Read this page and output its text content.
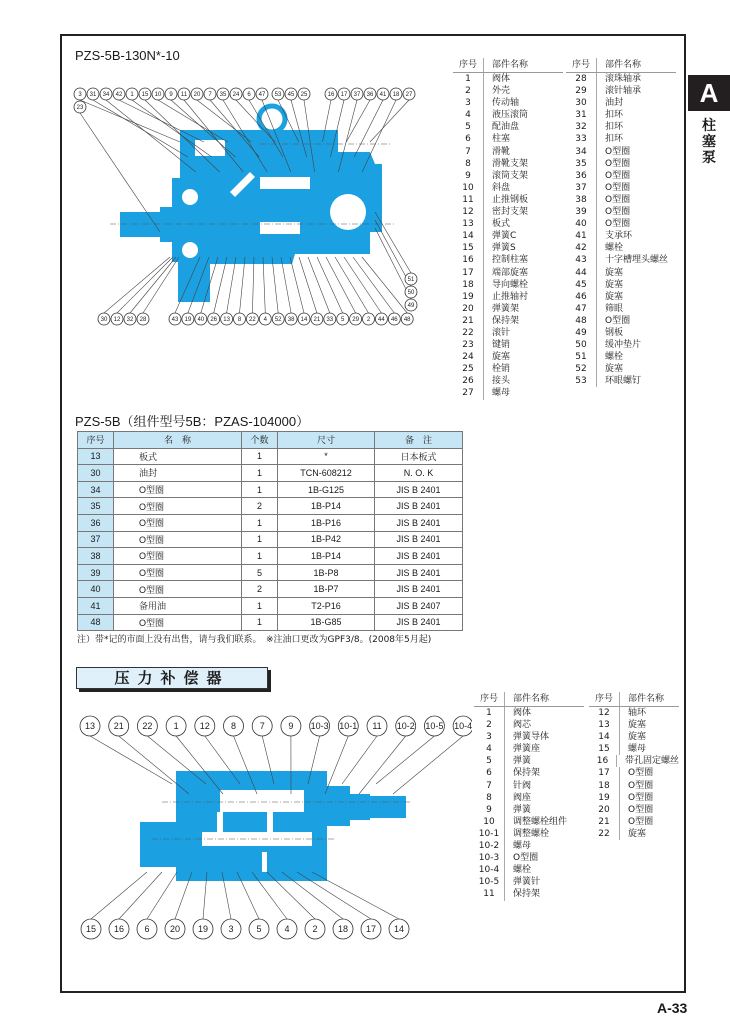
A
柱
塞
泵
PZS-5B-130N*-10
3 31 34 42 1 15 10 9 11 20 7 35 24 6 47 53 45 25	16 17 37 36 41 18 27
23
51
50
49
30 12 32 28	43 19 40 26 13 8 22 4 52 38 14 21 33 5 29 2 44 46 48
序号	部件名称
1	阀体
2	外壳
3	传动轴
4	液压滚筒
5	配油盘
6	柱塞
7	滑靴
8	滑靴支架
9	滚筒支架
10	斜盘
11	止推钢板
12	密封支架
13	板式
14	弹簧C
15	弹簧S
16	控制柱塞
17	端部旋塞
18	导向螺栓
19	止推轴衬
20	弹簧架
21	保持架
22	滚针
23	键销
24	旋塞
25	栓销
26	接头
27	螺母
序号	部件名称
28	滚珠轴承
29	滚针轴承
30	油封
31	扣环
32	扣环
33	扣环
34	O型圈
35	O型圈
36	O型圈
37	O型圈
38	O型圈
39	O型圈
40	O型圈
41	支承环
42	螺栓
43	十字槽埋头螺丝
44	旋塞
45	旋塞
46	旋塞
47	筛眼
48	O型圈
49	钢板
50	缓冲垫片
51	螺栓
52	旋塞
53	环眼螺钉
PZS-5B（组件型号5B：PZAS-104000）
序号	名　称	个数	尺寸	备　注
13	板式	1	*	日本板式
30	油封	1	TCN-608212	N. O. K
34	O型圈	1	1B-G125	JIS B 2401
35	O型圈	2	1B-P14	JIS B 2401
36	O型圈	1	1B-P16	JIS B 2401
37	O型圈	1	1B-P42	JIS B 2401
38	O型圈	1	1B-P14	JIS B 2401
39	O型圈	5	1B-P8	JIS B 2401
40	O型圈	2	1B-P7	JIS B 2401
41	备用油	1	T2-P16	JIS B 2407
48	O型圈	1	1B-G85	JIS B 2401
注）带*记的市面上没有出售，请与我们联系。　※注油口更改为GPF3/8。(2008年5月起)
压力补偿器
13 21 22 1 12 8	7	9 10-3 10-1 11 10-2 10-5 10-4
15 16 6 20 19 3	5	4	2 18 17 14
序号	部件名称
1	阀体
2	阀芯
3	弹簧导体
4	弹簧座
5	弹簧
6	保持架
7	针阀
8	阀座
9	弹簧
10	调整螺栓组件
10-1	调整螺栓
10-2	螺母
10-3	O型圈
10-4	螺栓
10-5	弹簧针
11	保持架
序号	部件名称
12	轴环
13	旋塞
14	旋塞
15	螺母
16	带孔固定螺丝
17	O型圈
18	O型圈
19	O型圈
20	O型圈
21	O型圈
22	旋塞
A-33
